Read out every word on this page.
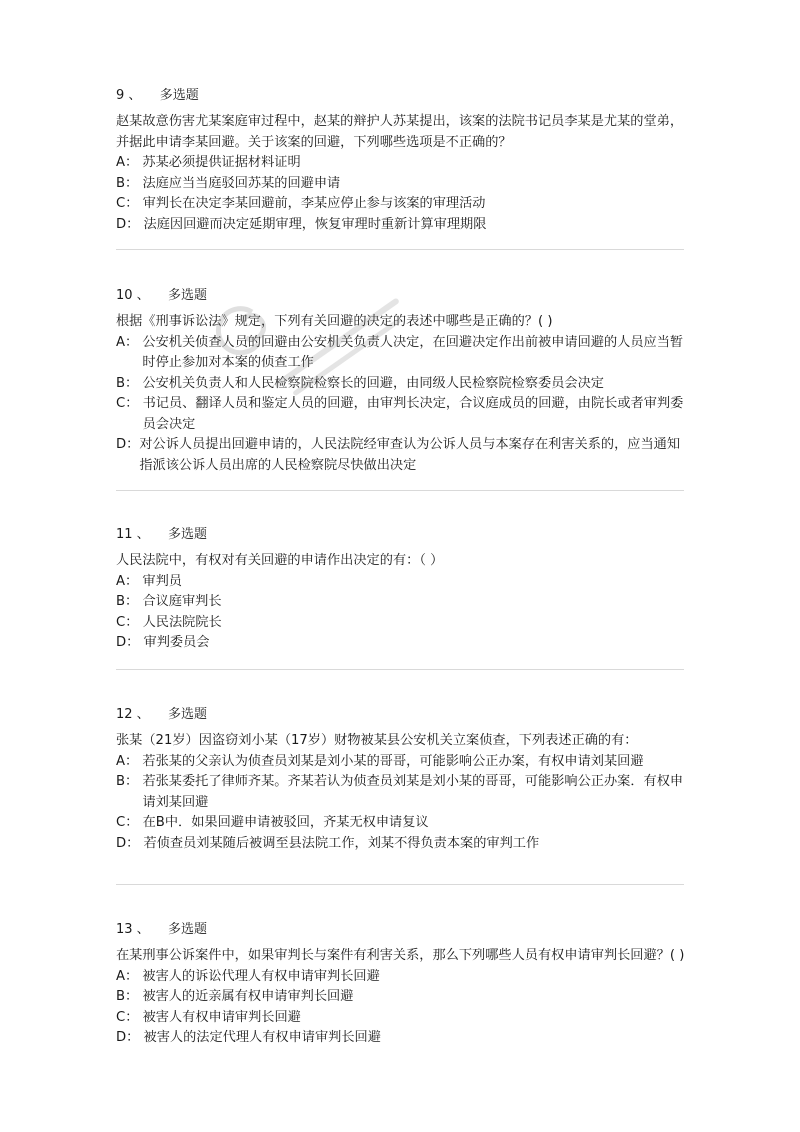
9 、 多选题
赵某故意伤害尤某案庭审过程中，赵某的辩护人苏某提出，该案的法院书记员李某是尤某的堂弟，并据此申请李某回避。关于该案的回避，下列哪些选项是不正确的？
A： 苏某必须提供证据材料证明
B： 法庭应当当庭驳回苏某的回避申请
C： 审判长在决定李某回避前，李某应停止参与该案的审理活动
D： 法庭因回避而决定延期审理，恢复审理时重新计算审理期限
10 、 多选题
根据《刑事诉讼法》规定，下列有关回避的决定的表述中哪些是正确的？( )
A： 公安机关侦查人员的回避由公安机关负责人决定，在回避决定作出前被申请回避的人员应当暂时停止参加对本案的侦查工作
B： 公安机关负责人和人民检察院检察长的回避，由同级人民检察院检察委员会决定
C： 书记员、翻译人员和鉴定人员的回避，由审判长决定，合议庭成员的回避，由院长或者审判委员会决定
D： 对公诉人员提出回避申请的，人民法院经审查认为公诉人员与本案存在利害关系的，应当通知指派该公诉人员出席的人民检察院尽快做出决定
11 、 多选题
人民法院中，有权对有关回避的申请作出决定的有：（ ）
A： 审判员
B： 合议庭审判长
C： 人民法院院长
D： 审判委员会
12 、 多选题
张某（21岁）因盗窃刘小某（17岁）财物被某县公安机关立案侦查，下列表述正确的有：
A： 若张某的父亲认为侦查员刘某是刘小某的哥哥，可能影响公正办案，有权申请刘某回避
B： 若张某委托了律师齐某。齐某若认为侦查员刘某是刘小某的哥哥，可能影响公正办案．有权申请刘某回避
C： 在B中．如果回避申请被驳回，齐某无权申请复议
D： 若侦查员刘某随后被调至县法院工作，刘某不得负责本案的审判工作
13 、 多选题
在某刑事公诉案件中，如果审判长与案件有利害关系，那么下列哪些人员有权申请审判长回避？( )
A： 被害人的诉讼代理人有权申请审判长回避
B： 被害人的近亲属有权申请审判长回避
C： 被害人有权申请审判长回避
D： 被害人的法定代理人有权申请审判长回避
